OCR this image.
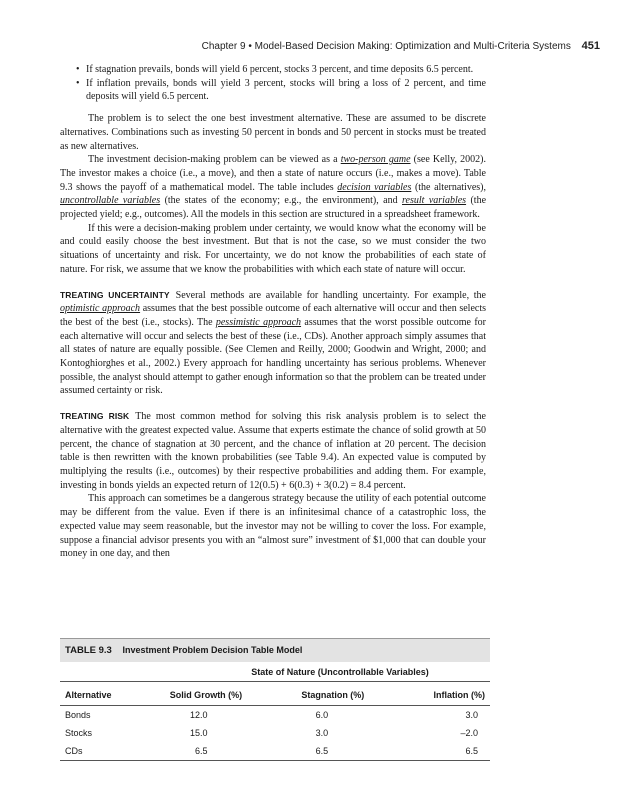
Chapter 9 • Model-Based Decision Making: Optimization and Multi-Criteria Systems 451
• If stagnation prevails, bonds will yield 6 percent, stocks 3 percent, and time deposits 6.5 percent.
• If inflation prevails, bonds will yield 3 percent, stocks will bring a loss of 2 percent, and time deposits will yield 6.5 percent.

The problem is to select the one best investment alternative. These are assumed to be discrete alternatives. Combinations such as investing 50 percent in bonds and 50 percent in stocks must be treated as new alternatives.

The investment decision-making problem can be viewed as a two-person game (see Kelly, 2002). The investor makes a choice (i.e., a move), and then a state of nature occurs (i.e., makes a move). Table 9.3 shows the payoff of a mathematical model. The table includes decision variables (the alternatives), uncontrollable variables (the states of the economy; e.g., the environment), and result variables (the projected yield; e.g., outcomes). All the models in this section are structured in a spreadsheet framework.

If this were a decision-making problem under certainty, we would know what the economy will be and could easily choose the best investment. But that is not the case, so we must consider the two situations of uncertainty and risk. For uncertainty, we do not know the probabilities of each state of nature. For risk, we assume that we know the probabilities with which each state of nature will occur.

TREATING UNCERTAINTY Several methods are available for handling uncertainty. For example, the optimistic approach assumes that the best possible outcome of each alternative will occur and then selects the best of the best (i.e., stocks). The pessimistic approach assumes that the worst possible outcome for each alternative will occur and selects the best of these (i.e., CDs). Another approach simply assumes that all states of nature are equally possible. (See Clemen and Reilly, 2000; Goodwin and Wright, 2000; and Kontoghiorghes et al., 2002.) Every approach for handling uncertainty has serious problems. Whenever possible, the analyst should attempt to gather enough information so that the problem can be treated under assumed certainty or risk.

TREATING RISK The most common method for solving this risk analysis problem is to select the alternative with the greatest expected value. Assume that experts estimate the chance of solid growth at 50 percent, the chance of stagnation at 30 percent, and the chance of inflation at 20 percent. The decision table is then rewritten with the known probabilities (see Table 9.4). An expected value is computed by multiplying the results (i.e., outcomes) by their respective probabilities and adding them. For example, investing in bonds yields an expected return of 12(0.5) + 6(0.3) + 3(0.2) = 8.4 percent.

This approach can sometimes be a dangerous strategy because the utility of each potential outcome may be different from the value. Even if there is an infinitesimal chance of a catastrophic loss, the expected value may seem reasonable, but the investor may not be willing to cover the loss. For example, suppose a financial advisor presents you with an “almost sure” investment of $1,000 that can double your money in one day, and then

TABLE 9.3 Investment Problem Decision Table Model
State of Nature (Uncontrollable Variables)			
Alternative	Solid Growth (%)	Stagnation (%)	Inflation (%)
Bonds	12.0	6.0	3.0
Stocks	15.0	3.0	–2.0
CDs	6.5	6.5	6.5
